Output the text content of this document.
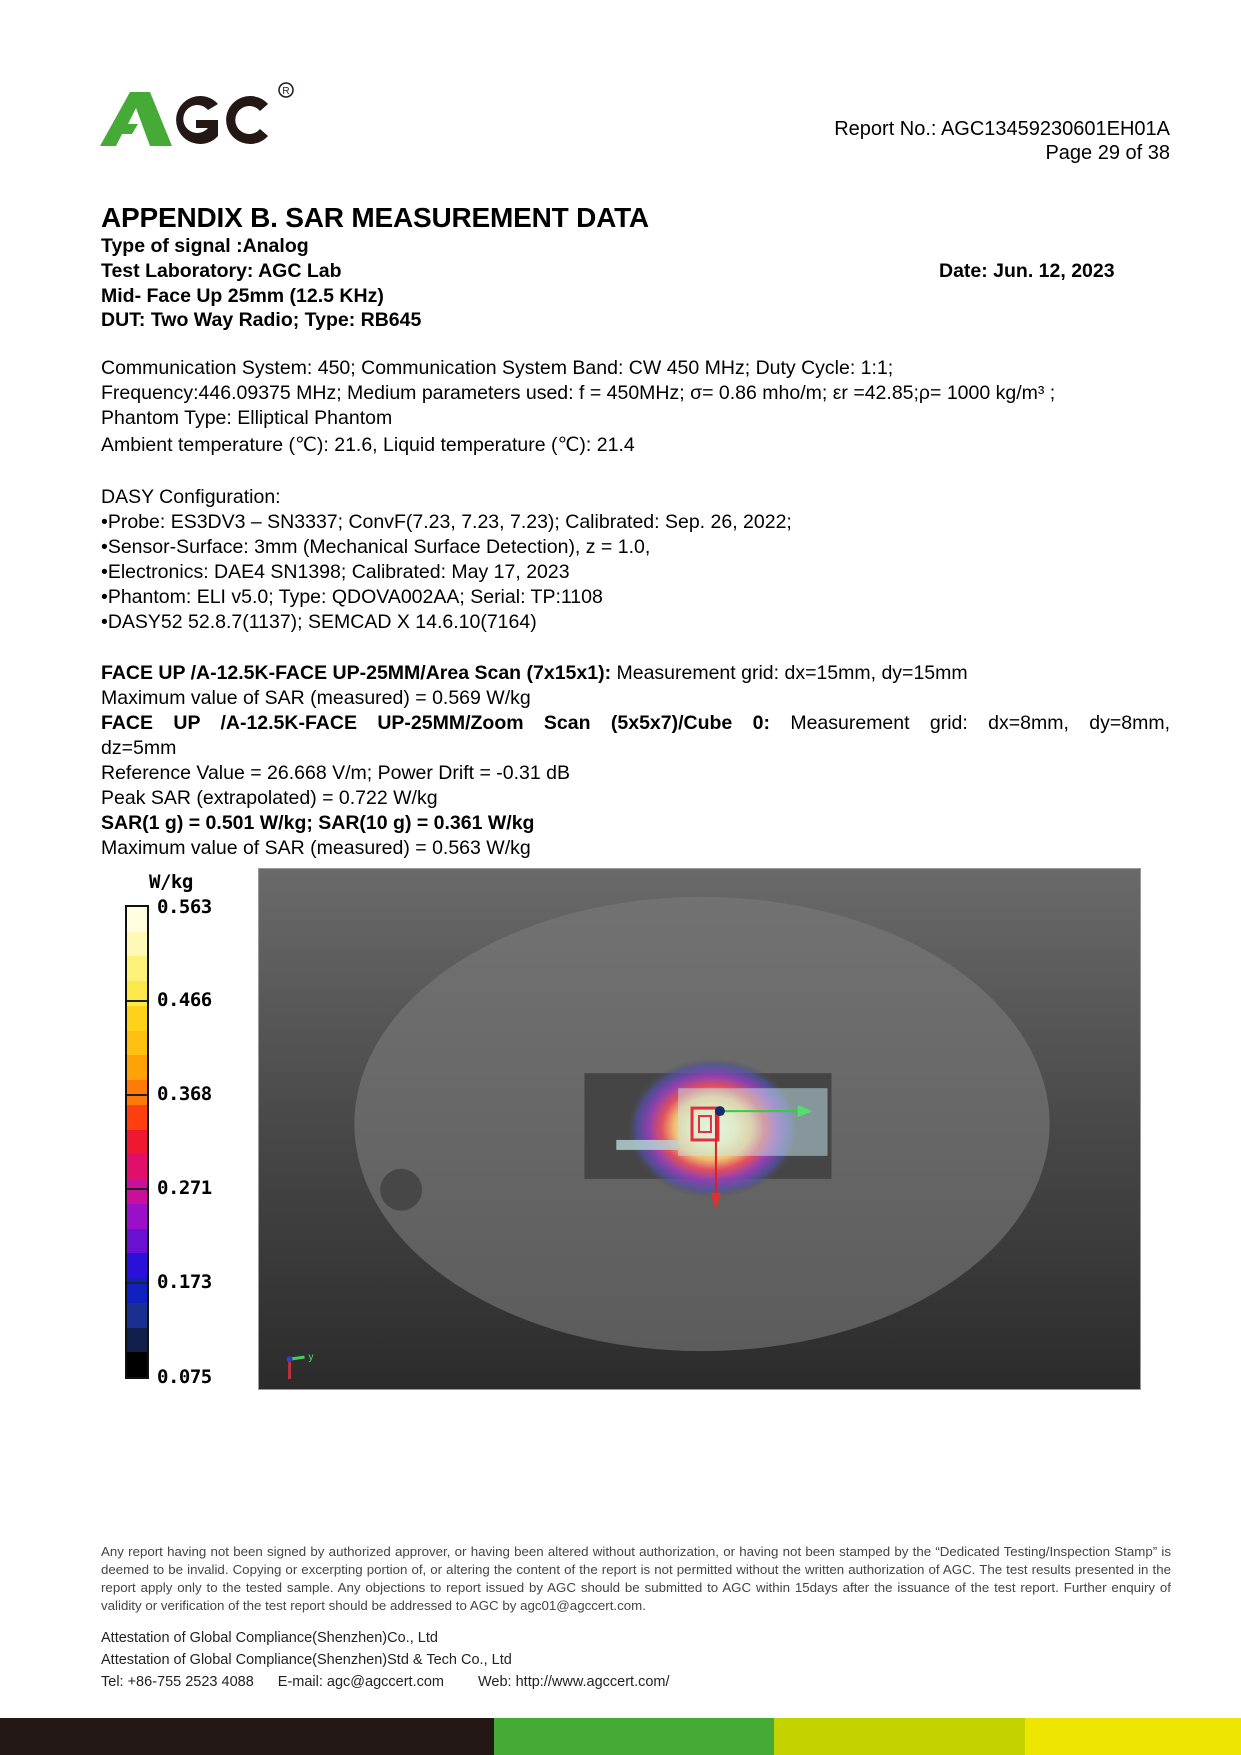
R
Report No.: AGC13459230601EH01A
Page 29 of 38
APPENDIX B. SAR MEASUREMENT DATA
Type of signal :Analog
Test Laboratory: AGC Lab	Date: Jun. 12, 2023
Mid- Face Up 25mm (12.5 KHz)
DUT: Two Way Radio; Type: RB645
Communication System: 450; Communication System Band: CW 450 MHz; Duty Cycle: 1:1;
Frequency:446.09375 MHz; Medium parameters used: f = 450MHz; σ= 0.86 mho/m; εr =42.85;ρ= 1000 kg/m³ ;
Phantom Type: Elliptical Phantom
Ambient temperature (℃): 21.6, Liquid temperature (℃): 21.4
DASY Configuration:
•Probe: ES3DV3 – SN3337; ConvF(7.23, 7.23, 7.23); Calibrated: Sep. 26, 2022;
•Sensor-Surface: 3mm (Mechanical Surface Detection), z = 1.0,
•Electronics: DAE4 SN1398; Calibrated: May 17, 2023
•Phantom: ELI v5.0; Type: QDOVA002AA; Serial: TP:1108
•DASY52 52.8.7(1137); SEMCAD X 14.6.10(7164)
FACE UP /A-12.5K-FACE UP-25MM/Area Scan (7x15x1): Measurement grid: dx=15mm, dy=15mm
Maximum value of SAR (measured) = 0.569 W/kg
FACE UP /A-12.5K-FACE UP-25MM/Zoom Scan (5x5x7)/Cube 0: Measurement grid: dx=8mm, dy=8mm,
dz=5mm
Reference Value = 26.668 V/m; Power Drift = -0.31 dB
Peak SAR (extrapolated) = 0.722 W/kg
SAR(1 g) = 0.501 W/kg; SAR(10 g) = 0.361 W/kg
Maximum value of SAR (measured) = 0.563 W/kg
W/kg
0.563
0.466
0.368
0.271
0.173
0.075
y
Any report having not been signed by authorized approver, or having been altered without authorization, or having not been stamped by the “Dedicated Testing/Inspection Stamp” is deemed to be invalid. Copying or excerpting portion of, or altering the content of the report is not permitted without the written authorization of AGC. The test results presented in the report apply only to the tested sample. Any objections to report issued by AGC should be submitted to AGC within 15days after the issuance of the test report. Further enquiry of validity or verification of the test report should be addressed to AGC by agc01@agccert.com.
Attestation of Global Compliance(Shenzhen)Co., Ltd
Attestation of Global Compliance(Shenzhen)Std & Tech Co., Ltd
Tel: +86-755 2523 4088 E-mail: agc@agccert.com Web: http://www.agccert.com/
